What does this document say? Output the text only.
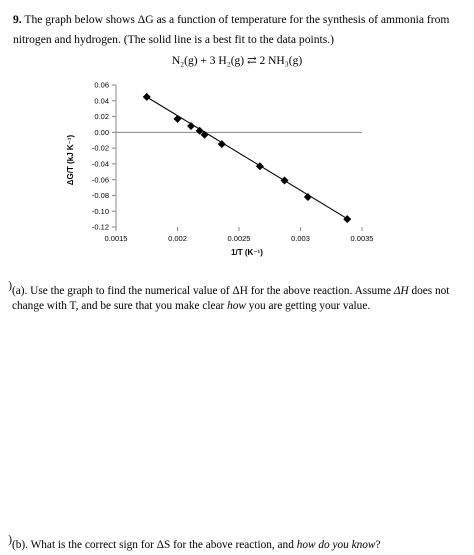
9. The graph below shows ΔG as a function of temperature for the synthesis of ammonia from nitrogen and hydrogen. (The solid line is a best fit to the data points.)
N₂(g) + 3 H₂(g) ⇄ 2 NH₃(g)
0.06
0.04
0.02
0.00
-0.02
-0.04
-0.06
-0.08
-0.10
-0.12
0.0015	0.002	0.0025	0.003	0.0035
ΔG/T (kJ K⁻¹)
1/T (K⁻¹)
)(a). Use the graph to find the numerical value of ΔH for the above reaction. Assume ΔH does not
change with T, and be sure that you make clear how you are getting your value.
)(b). What is the correct sign for ΔS for the above reaction, and how do you know?
